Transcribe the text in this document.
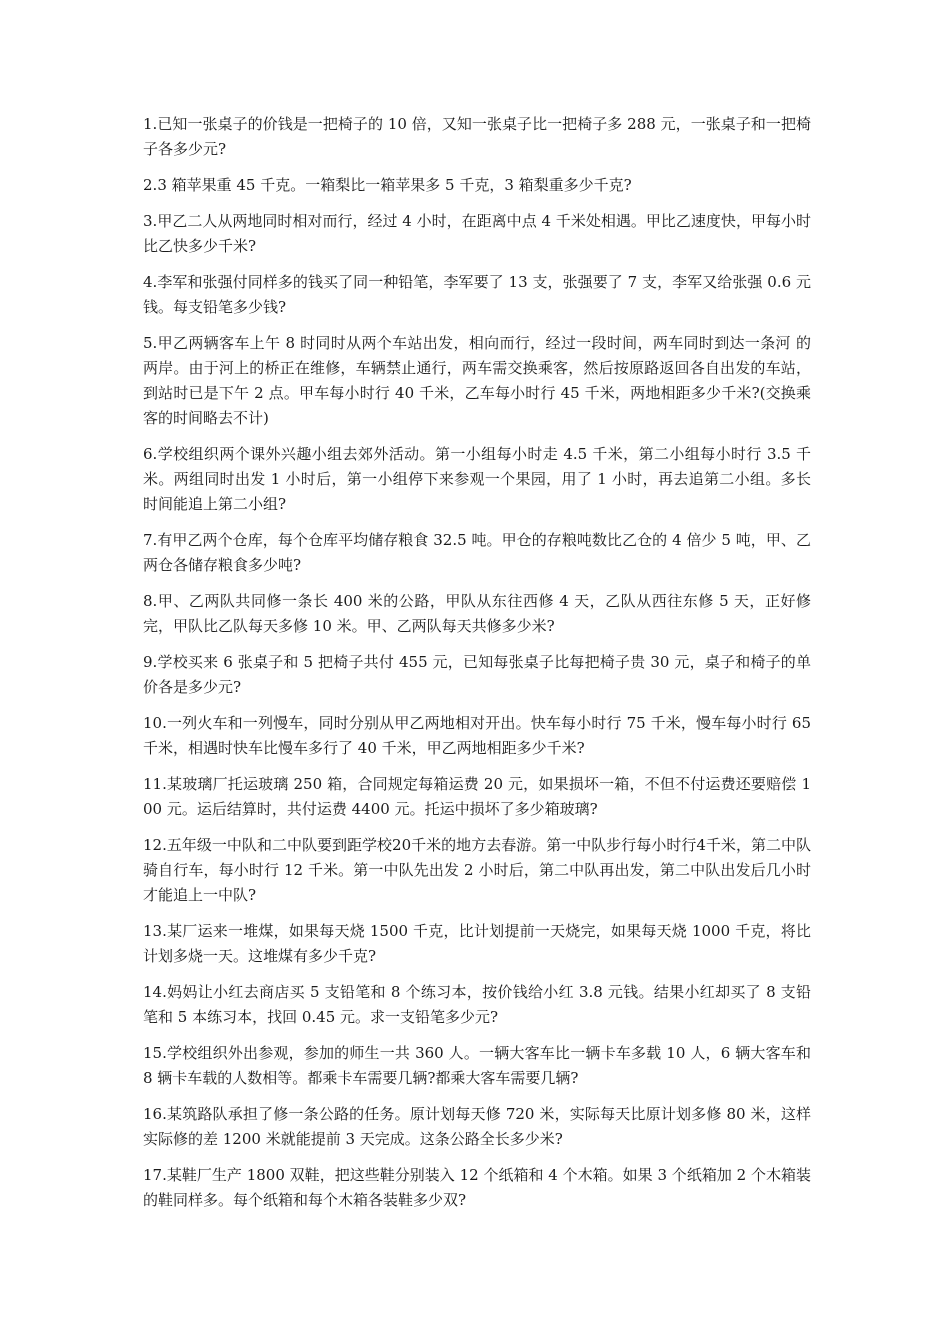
1.已知一张桌子的价钱是一把椅子的 10 倍，又知一张桌子比一把椅子多 288 元，一张桌子和一把椅子各多少元?

2.3 箱苹果重 45 千克。一箱梨比一箱苹果多 5 千克，3 箱梨重多少千克?

3.甲乙二人从两地同时相对而行，经过 4 小时，在距离中点 4 千米处相遇。甲比乙速度快，甲每小时比乙快多少千米?

4.李军和张强付同样多的钱买了同一种铅笔，李军要了 13 支，张强要了 7 支，李军又给张强 0.6 元钱。每支铅笔多少钱?

5.甲乙两辆客车上午 8 时同时从两个车站出发，相向而行，经过一段时间，两车同时到达一条河 的两岸。由于河上的桥正在维修，车辆禁止通行，两车需交换乘客，然后按原路返回各自出发的车站，到站时已是下午 2 点。甲车每小时行 40 千米，乙车每小时行 45 千米，两地相距多少千米?(交换乘客的时间略去不计)

6.学校组织两个课外兴趣小组去郊外活动。第一小组每小时走 4.5 千米，第二小组每小时行 3.5 千米。两组同时出发 1 小时后，第一小组停下来参观一个果园，用了 1 小时，再去追第二小组。多长时间能追上第二小组?

7.有甲乙两个仓库，每个仓库平均储存粮食 32.5 吨。甲仓的存粮吨数比乙仓的 4 倍少 5 吨，甲、乙两仓各储存粮食多少吨?

8.甲、乙两队共同修一条长 400 米的公路，甲队从东往西修 4 天，乙队从西往东修 5 天，正好修完，甲队比乙队每天多修 10 米。甲、乙两队每天共修多少米?

9.学校买来 6 张桌子和 5 把椅子共付 455 元，已知每张桌子比每把椅子贵 30 元，桌子和椅子的单价各是多少元?

10.一列火车和一列慢车，同时分别从甲乙两地相对开出。快车每小时行 75 千米，慢车每小时行 65 千米，相遇时快车比慢车多行了 40 千米，甲乙两地相距多少千米?

11.某玻璃厂托运玻璃 250 箱，合同规定每箱运费 20 元，如果损坏一箱，不但不付运费还要赔偿 100 元。运后结算时，共付运费 4400 元。托运中损坏了多少箱玻璃?

12.五年级一中队和二中队要到距学校20千米的地方去春游。第一中队步行每小时行4千米，第二中队骑自行车，每小时行 12 千米。第一中队先出发 2 小时后，第二中队再出发，第二中队出发后几小时才能追上一中队?

13.某厂运来一堆煤，如果每天烧 1500 千克，比计划提前一天烧完，如果每天烧 1000 千克，将比计划多烧一天。这堆煤有多少千克?

14.妈妈让小红去商店买 5 支铅笔和 8 个练习本，按价钱给小红 3.8 元钱。结果小红却买了 8 支铅笔和 5 本练习本，找回 0.45 元。求一支铅笔多少元?

15.学校组织外出参观，参加的师生一共 360 人。一辆大客车比一辆卡车多载 10 人，6 辆大客车和 8 辆卡车载的人数相等。都乘卡车需要几辆?都乘大客车需要几辆?

16.某筑路队承担了修一条公路的任务。原计划每天修 720 米，实际每天比原计划多修 80 米，这样实际修的差 1200 米就能提前 3 天完成。这条公路全长多少米?

17.某鞋厂生产 1800 双鞋，把这些鞋分别装入 12 个纸箱和 4 个木箱。如果 3 个纸箱加 2 个木箱装的鞋同样多。每个纸箱和每个木箱各装鞋多少双?
